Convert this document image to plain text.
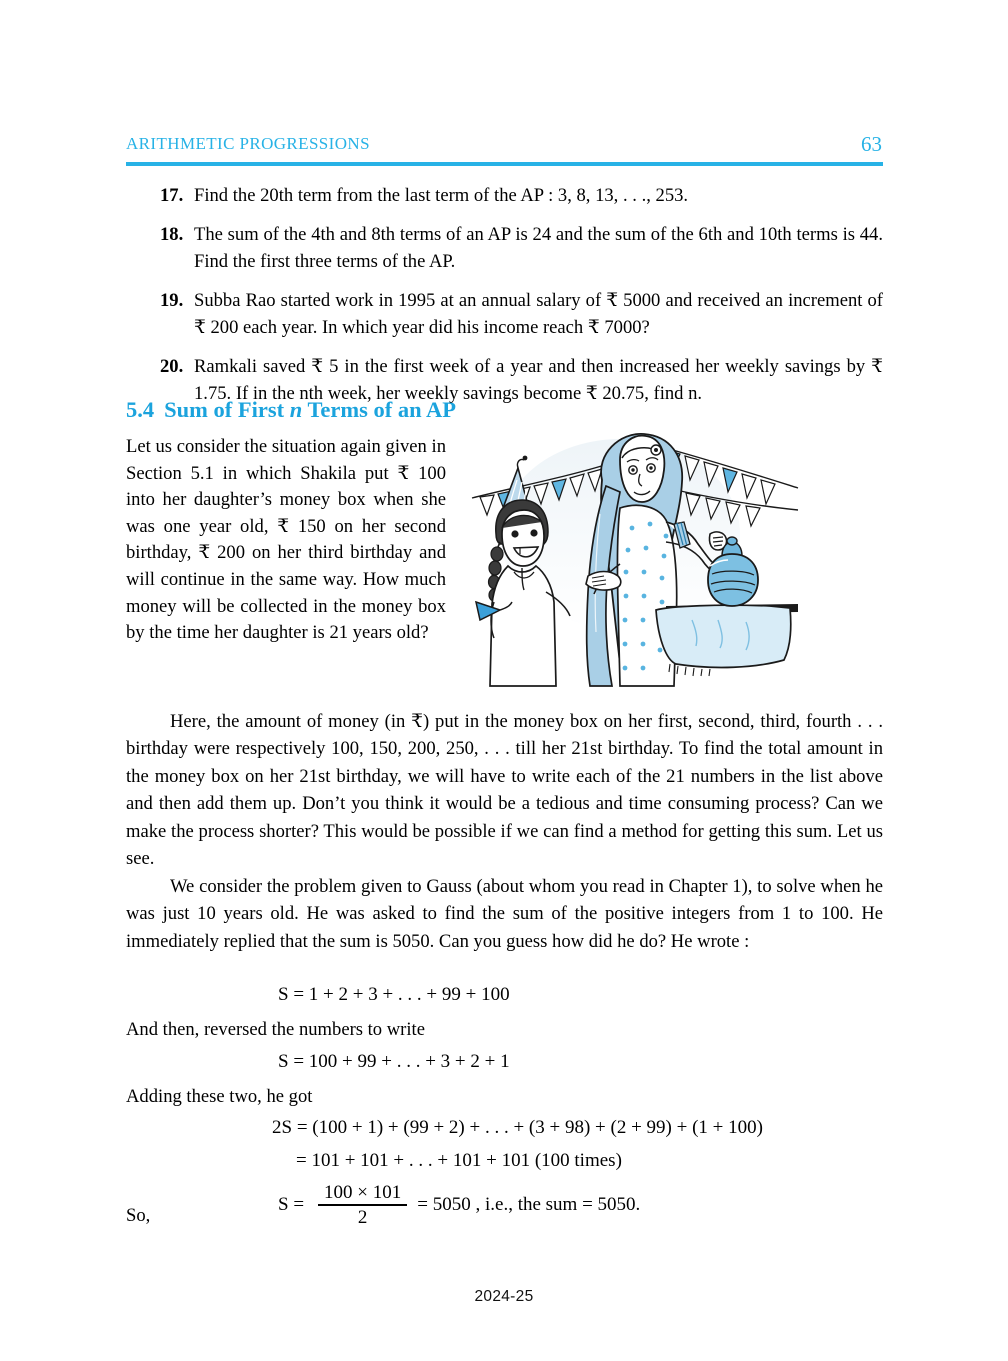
ARITHMETIC PROGRESSIONS	63
17. Find the 20th term from the last term of the AP : 3, 8, 13, . . ., 253.
18. The sum of the 4th and 8th terms of an AP is 24 and the sum of the 6th and 10th terms is 44. Find the first three terms of the AP.
19. Subba Rao started work in 1995 at an annual salary of ₹ 5000 and received an increment of ₹ 200 each year. In which year did his income reach ₹ 7000?
20. Ramkali saved ₹ 5 in the first week of a year and then increased her weekly savings by ₹ 1.75. If in the nth week, her weekly savings become ₹ 20.75, find n.
5.4 Sum of First n Terms of an AP
Let us consider the situation again given in Section 5.1 in which Shakila put ₹ 100 into her daughter’s money box when she was one year old, ₹ 150 on her second birthday, ₹ 200 on her third birthday and will continue in the same way. How much money will be collected in the money box by the time her daughter is 21 years old?
Here, the amount of money (in ₹) put in the money box on her first, second, third, fourth . . . birthday were respectively 100, 150, 200, 250, . . . till her 21st birthday. To find the total amount in the money box on her 21st birthday, we will have to write each of the 21 numbers in the list above and then add them up. Don’t you think it would be a tedious and time consuming process? Can we make the process shorter? This would be possible if we can find a method for getting this sum. Let us see.
We consider the problem given to Gauss (about whom you read in Chapter 1), to solve when he was just 10 years old. He was asked to find the sum of the positive integers from 1 to 100. He immediately replied that the sum is 5050. Can you guess how did he do? He wrote :
S = 1 + 2 + 3 + . . . + 99 + 100
And then, reversed the numbers to write
S = 100 + 99 + . . . + 3 + 2 + 1
Adding these two, he got
2S = (100 + 1) + (99 + 2) + . . . + (3 + 98) + (2 + 99) + (1 + 100)
= 101 + 101 + . . . + 101 + 101 (100 times)
So,
$S = \frac{100 \times 101}{2} = 5050$ , i.e., the sum = 5050.
2024-25
